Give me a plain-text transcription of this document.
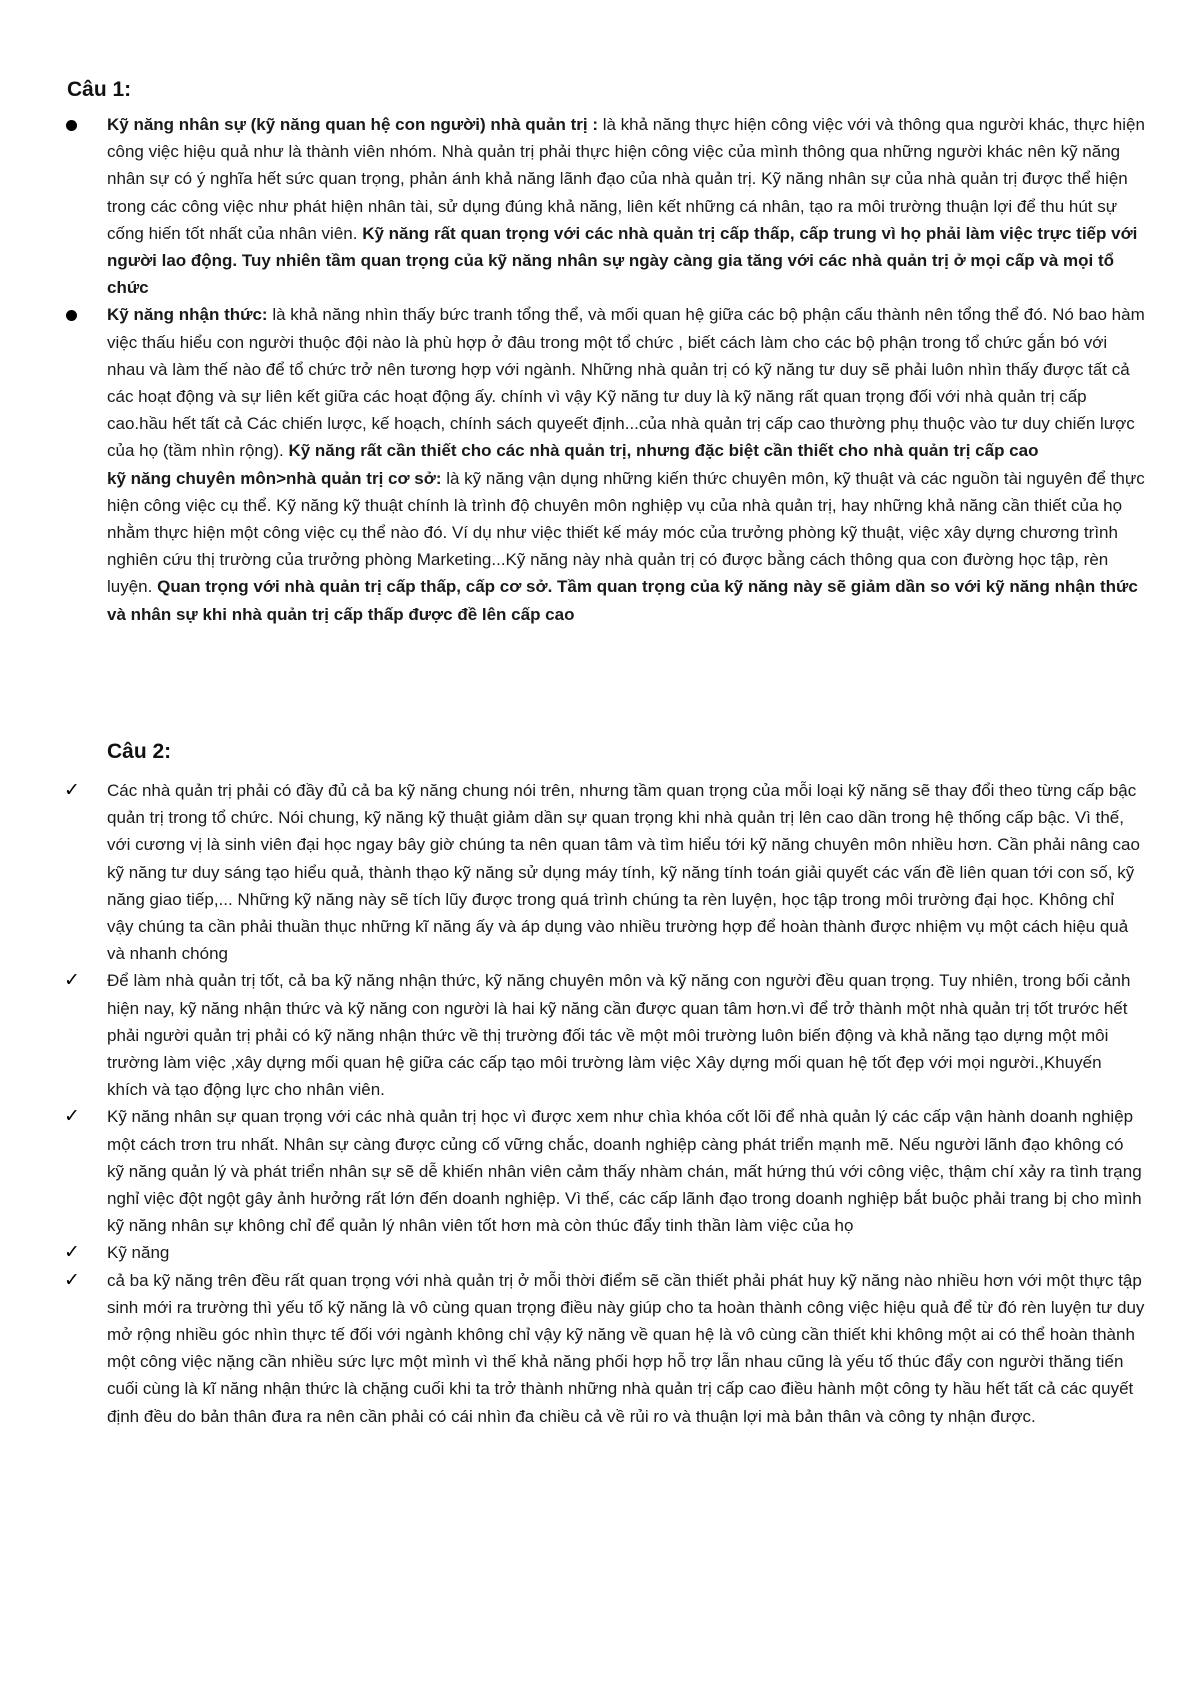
Câu 1:
Kỹ năng nhân sự (kỹ năng quan hệ con người) nhà quản trị : là khả năng thực hiện công việc với và thông qua người khác, thực hiện công việc hiệu quả như là thành viên nhóm. Nhà quản trị phải thực hiện công việc của mình thông qua những người khác nên kỹ năng nhân sự có ý nghĩa hết sức quan trọng, phản ánh khả năng lãnh đạo của nhà quản trị. Kỹ năng nhân sự của nhà quản trị được thể hiện trong các công việc như phát hiện nhân tài, sử dụng đúng khả năng, liên kết những cá nhân, tạo ra môi trường thuận lợi để thu hút sự cống hiến tốt nhất của nhân viên. Kỹ năng rất quan trọng với các nhà quản trị cấp thấp, cấp trung vì họ phải làm việc trực tiếp với người lao động. Tuy nhiên tầm quan trọng của kỹ năng nhân sự ngày càng gia tăng với các nhà quản trị ở mọi cấp và mọi tổ chức
Kỹ năng nhận thức: là khả năng nhìn thấy bức tranh tổng thể, và mối quan hệ giữa các bộ phận cấu thành nên tổng thể đó. Nó bao hàm việc thấu hiểu con người thuộc đội nào là phù hợp ở đâu trong một tổ chức , biết cách làm cho các bộ phận trong tổ chức gắn bó với nhau và làm thế nào để tổ chức trở nên tương hợp với ngành. Những nhà quản trị có kỹ năng tư duy sẽ phải luôn nhìn thấy được tất cả các hoạt động và sự liên kết giữa các hoạt động ấy. chính vì vậy Kỹ năng tư duy là kỹ năng rất quan trọng đối với nhà quản trị cấp cao.hầu hết tất cả Các chiến lược, kế hoạch, chính sách quyeết định...của nhà quản trị cấp cao thường phụ thuộc vào tư duy chiến lược của họ (tầm nhìn rộng). Kỹ năng rất cần thiết cho các nhà quản trị, nhưng đặc biệt cần thiết cho nhà quản trị cấp cao
kỹ năng chuyên môn>nhà quản trị cơ sở: là kỹ năng vận dụng những kiến thức chuyên môn, kỹ thuật và các nguồn tài nguyên để thực hiện công việc cụ thể. Kỹ năng kỹ thuật chính là trình độ chuyên môn nghiệp vụ của nhà quản trị, hay những khả năng cần thiết của họ nhằm thực hiện một công việc cụ thể nào đó. Ví dụ như việc thiết kế máy móc của trưởng phòng kỹ thuật, việc xây dựng chương trình nghiên cứu thị trường của trưởng phòng Marketing...Kỹ năng này nhà quản trị có được bằng cách thông qua con đường học tập, rèn luyện. Quan trọng với nhà quản trị cấp thấp, cấp cơ sở. Tầm quan trọng của kỹ năng này sẽ giảm dần so với kỹ năng nhận thức và nhân sự khi nhà quản trị cấp thấp được đề lên cấp cao
Câu 2:
✓ Các nhà quản trị phải có đầy đủ cả ba kỹ năng chung nói trên, nhưng tầm quan trọng của mỗi loại kỹ năng sẽ thay đổi theo từng cấp bậc quản trị trong tổ chức. Nói chung, kỹ năng kỹ thuật giảm dần sự quan trọng khi nhà quản trị lên cao dần trong hệ thống cấp bậc. Vì thế, với cương vị là sinh viên đại học ngay bây giờ chúng ta nên quan tâm và tìm hiểu tới kỹ năng chuyên môn nhiều hơn. Cần phải nâng cao kỹ năng tư duy sáng tạo hiểu quả, thành thạo kỹ năng sử dụng máy tính, kỹ năng tính toán giải quyết các vấn đề liên quan tới con số, kỹ năng giao tiếp,... Những kỹ năng này sẽ tích lũy được trong quá trình chúng ta rèn luyện, học tập trong môi trường đại học. Không chỉ vậy chúng ta cần phải thuần thục những kĩ năng ấy và áp dụng vào nhiều trường hợp để hoàn thành được nhiệm vụ một cách hiệu quả và nhanh chóng
✓ Để làm nhà quản trị tốt, cả ba kỹ năng nhận thức, kỹ năng chuyên môn và kỹ năng con người đều quan trọng. Tuy nhiên, trong bối cảnh hiện nay, kỹ năng nhận thức và kỹ năng con người là hai kỹ năng cần được quan tâm hơn.vì để trở thành một nhà quản trị tốt trước hết phải người quản trị phải có kỹ năng nhận thức về thị trường đối tác về một môi trường luôn biến động và khả năng tạo dựng một môi trường làm việc ,xây dựng mối quan hệ giữa các cấp tạo môi trường làm việc Xây dựng mối quan hệ tốt đẹp với mọi người.,Khuyến khích và tạo động lực cho nhân viên.
✓ Kỹ năng nhân sự quan trọng với các nhà quản trị học vì được xem như chìa khóa cốt lõi để nhà quản lý các cấp vận hành doanh nghiệp một cách trơn tru nhất. Nhân sự càng được củng cố vững chắc, doanh nghiệp càng phát triển mạnh mẽ. Nếu người lãnh đạo không có kỹ năng quản lý và phát triển nhân sự sẽ dễ khiến nhân viên cảm thấy nhàm chán, mất hứng thú với công việc, thậm chí xảy ra tình trạng nghỉ việc đột ngột gây ảnh hưởng rất lớn đến doanh nghiệp. Vì thế, các cấp lãnh đạo trong doanh nghiệp bắt buộc phải trang bị cho mình kỹ năng nhân sự không chỉ để quản lý nhân viên tốt hơn mà còn thúc đẩy tinh thần làm việc của họ
✓ Kỹ năng
✓ cả ba kỹ năng trên đều rất quan trọng với nhà quản trị ở mỗi thời điểm sẽ cần thiết phải phát huy kỹ năng nào nhiều hơn với một thực tập sinh mới ra trường thì yếu tố kỹ năng là vô cùng quan trọng điều này giúp cho ta hoàn thành công việc hiệu quả để từ đó rèn luyện tư duy mở rộng nhiều góc nhìn thực tế đối với ngành không chỉ vậy kỹ năng về quan hệ là vô cùng cần thiết khi không một ai có thể hoàn thành một công việc nặng cần nhiều sức lực một mình vì thế khả năng phối hợp hỗ trợ lẫn nhau cũng là yếu tố thúc đẩy con người thăng tiến cuối cùng là kĩ năng nhận thức là chặng cuối khi ta trở thành những nhà quản trị cấp cao điều hành một công ty hầu hết tất cả các quyết định đều do bản thân đưa ra nên cần phải có cái nhìn đa chiều cả về rủi ro và thuận lợi mà bản thân và công ty nhận được.
